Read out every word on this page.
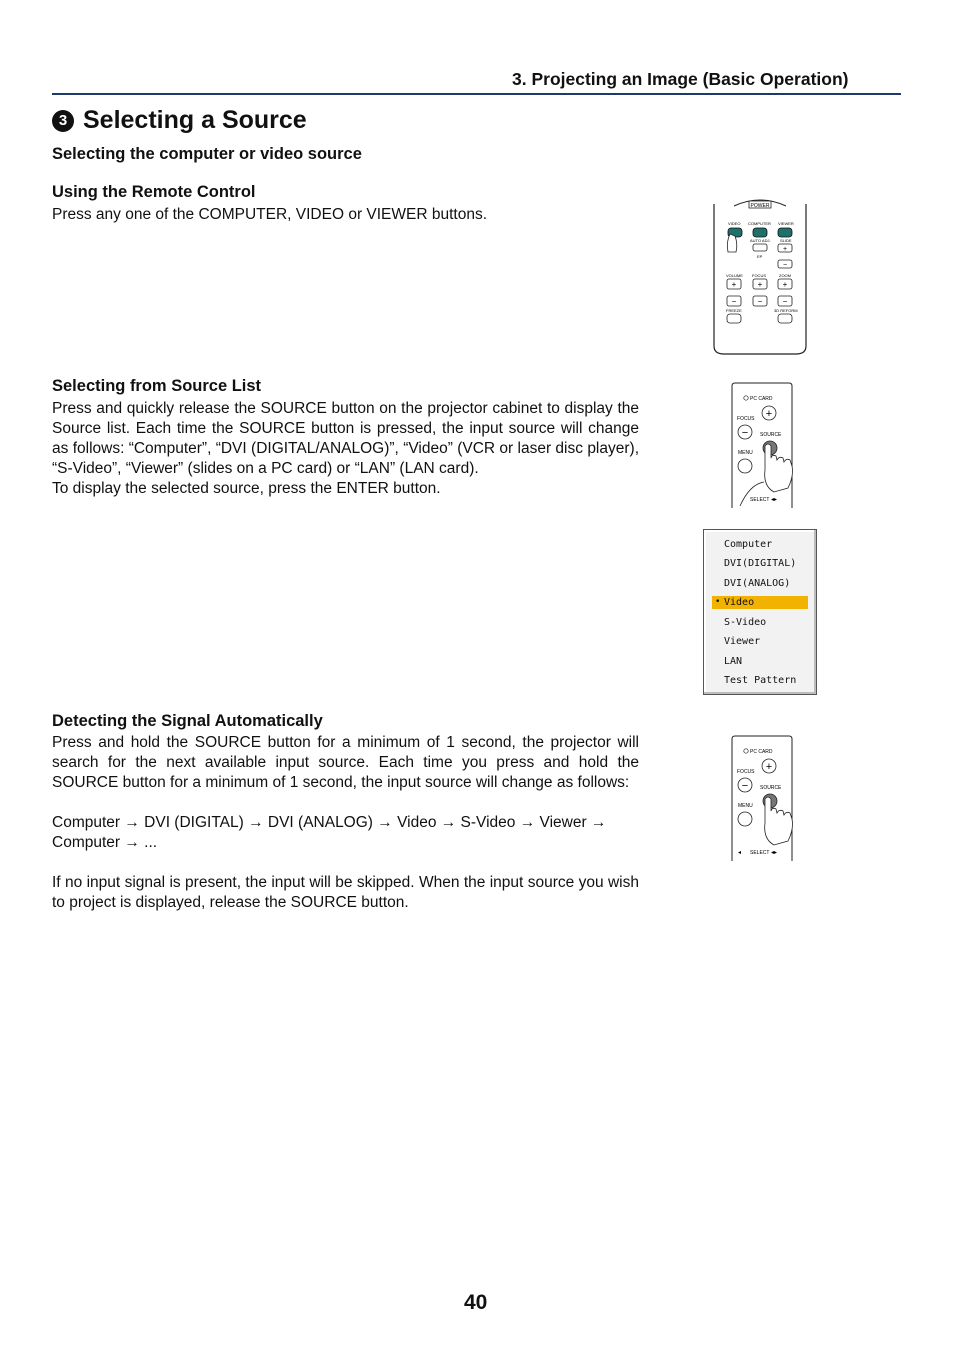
3. Projecting an Image (Basic Operation)
3 Selecting a Source
Selecting the computer or video source
Using the Remote Control

Press any one of the COMPUTER, VIDEO or VIEWER buttons.	POWER
VIDEO COMPUTER VIEWER
AUTO ADJ. SLIDE
+
EP
−
VOLUME FOCUS	ZOOM
+	+	+
−	−	−
FREEZE	3D REFORM
Selecting from Source List

Press and quickly release the SOURCE button on the projector cabinet to display the Source list. Each time the SOURCE button is pressed, the input source will change as follows: “Computer”, “DVI (DIGITAL/ANALOG)”, “Video” (VCR or laser disc player), “S-Video”, “Viewer” (slides on a PC card) or “LAN” (LAN card).

To display the selected source, press the ENTER button.

PC CARD
+
FOCUS
− SOURCE
MENU
SELECT ◂▸
Computer
DVI(DIGITAL)
DVI(ANALOG)
• Video
S-Video
Viewer
LAN
Test Pattern
Detecting the Signal Automatically

Press and hold the SOURCE button for a minimum of 1 second, the projector will search for the next available input source. Each time you press and hold the SOURCE button for a minimum of 1 second, the input source will change as follows:

Computer → DVI (DIGITAL) → DVI (ANALOG) → Video → S-Video → Viewer → Computer → ...

If no input signal is present, the input will be skipped. When the input source you wish to project is displayed, release the SOURCE button.

PC CARD
+
FOCUS
− SOURCE
MENU
◂ SELECT ◂▸
40
